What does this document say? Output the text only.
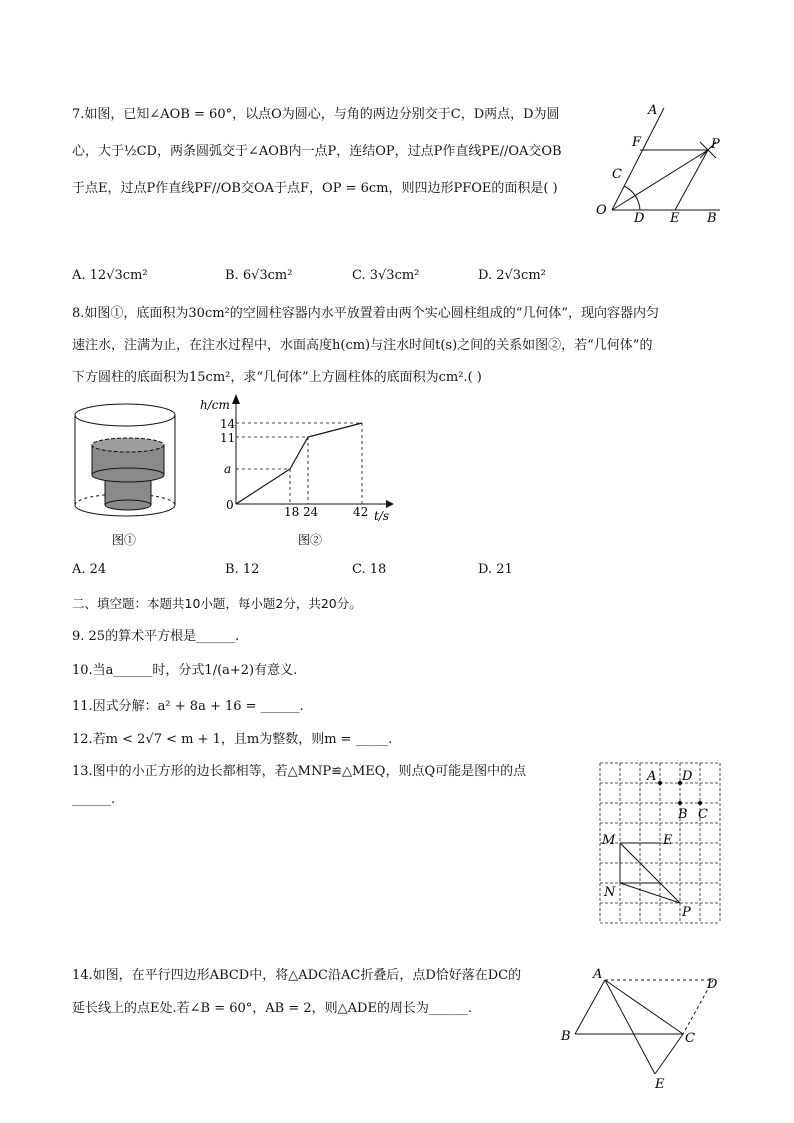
7.如图，已知∠AOB = 60°，以点O为圆心，与角的两边分别交于C，D两点，D为圆
心，大于½CD，两条圆弧交于∠AOB内一点P，连结OP，过点P作直线PE//OA交OB
于点E，过点P作直线PF//OB交OA于点F，OP = 6cm，则四边形PFOE的面积是( )
A
F	P
C
O
D E B
A. 12√3cm²	B. 6√3cm²	C. 3√3cm²	D. 2√3cm²
8.如图①，底面积为30cm²的空圆柱容器内水平放置着由两个实心圆柱组成的“几何体”，现向容器内匀
速注水，注满为止，在注水过程中，水面高度h(cm)与注水时间t(s)之间的关系如图②，若“几何体”的
下方圆柱的底面积为15cm²，求“几何体”上方圆柱体的底面积为cm².( )
图①
h/cm
t/s
14
11
a
0	18 24	42
图②
A. 24	B. 12	C. 18	D. 21
二、填空题：本题共10小题，每小题2分，共20分。
9. 25的算术平方根是______.
10.当a______时，分式1/(a+2)有意义.
11.因式分解：a² + 8a + 16 = ______.
12.若m < 2√7 < m + 1，且m为整数，则m = _____.
13.图中的小正方形的边长都相等，若△MNP≌△MEQ，则点Q可能是图中的点
______.
A D
B C
M	E
N
P
14.如图，在平行四边形ABCD中，将△ADC沿AC折叠后，点D恰好落在DC的
延长线上的点E处.若∠B = 60°，AB = 2，则△ADE的周长为______.
A
D
B	C
E
